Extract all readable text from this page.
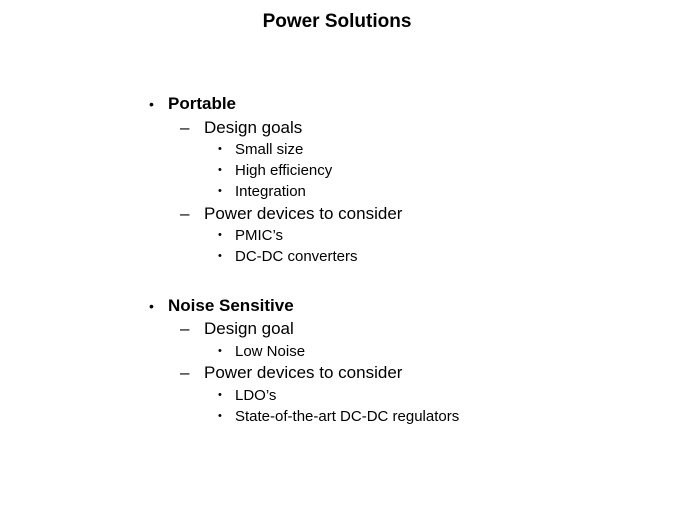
Power Solutions
• Portable
– Design goals
• Small size
• High efficiency
• Integration
– Power devices to consider
• PMIC’s
• DC-DC converters
• Noise Sensitive
– Design goal
• Low Noise
– Power devices to consider
• LDO’s
• State-of-the-art DC-DC regulators
